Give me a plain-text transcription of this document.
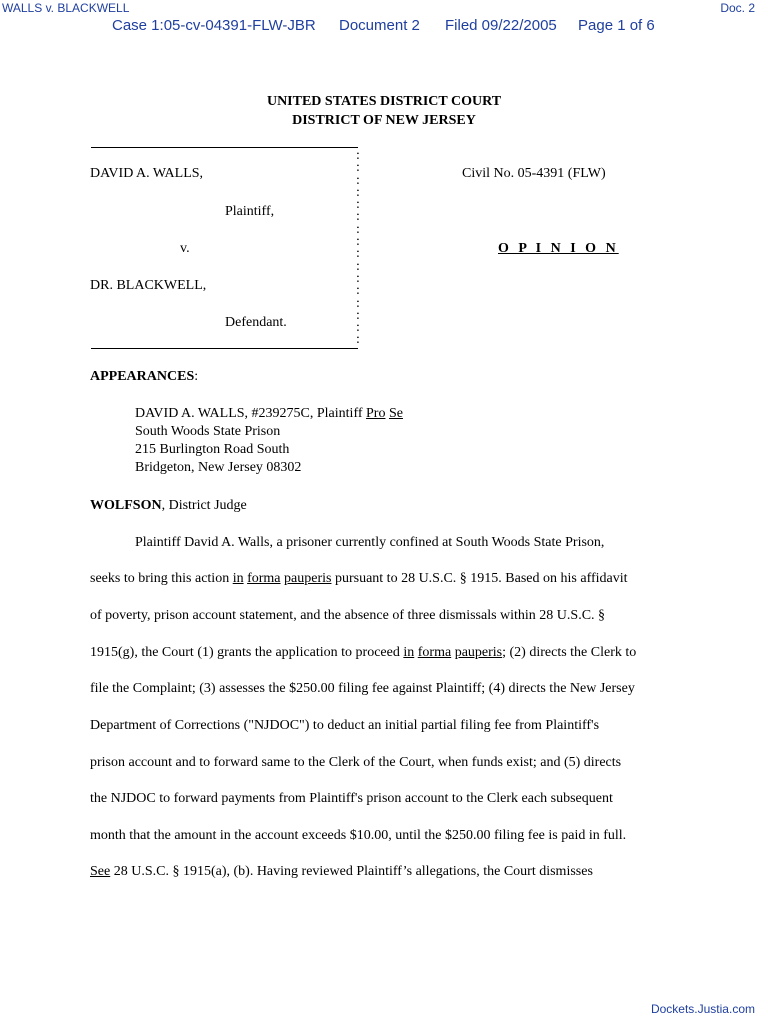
WALLS v. BLACKWELL	Doc. 2
Case 1:05-cv-04391-FLW-JBR Document 2 Filed 09/22/2005 Page 1 of 6
UNITED STATES DISTRICT COURT
DISTRICT OF NEW JERSEY
:
:
:
:
:
:
:
:
:
:
:
:
:
:
:
:
DAVID A. WALLS,
Plaintiff,
v.
DR. BLACKWELL,
Defendant.
Civil No. 05-4391 (FLW)
O P I N I O N
APPEARANCES:
DAVID A. WALLS, #239275C, Plaintiff Pro Se
South Woods State Prison
215 Burlington Road South
Bridgeton, New Jersey 08302
WOLFSON, District Judge
Plaintiff David A. Walls, a prisoner currently confined at South Woods State Prison,
seeks to bring this action in forma pauperis pursuant to 28 U.S.C. § 1915. Based on his affidavit
of poverty, prison account statement, and the absence of three dismissals within 28 U.S.C. §
1915(g), the Court (1) grants the application to proceed in forma pauperis; (2) directs the Clerk to
file the Complaint; (3) assesses the $250.00 filing fee against Plaintiff; (4) directs the New Jersey
Department of Corrections ("NJDOC") to deduct an initial partial filing fee from Plaintiff's
prison account and to forward same to the Clerk of the Court, when funds exist; and (5) directs
the NJDOC to forward payments from Plaintiff's prison account to the Clerk each subsequent
month that the amount in the account exceeds $10.00, until the $250.00 filing fee is paid in full.
See 28 U.S.C. § 1915(a), (b). Having reviewed Plaintiff’s allegations, the Court dismisses
Dockets.Justia.com
